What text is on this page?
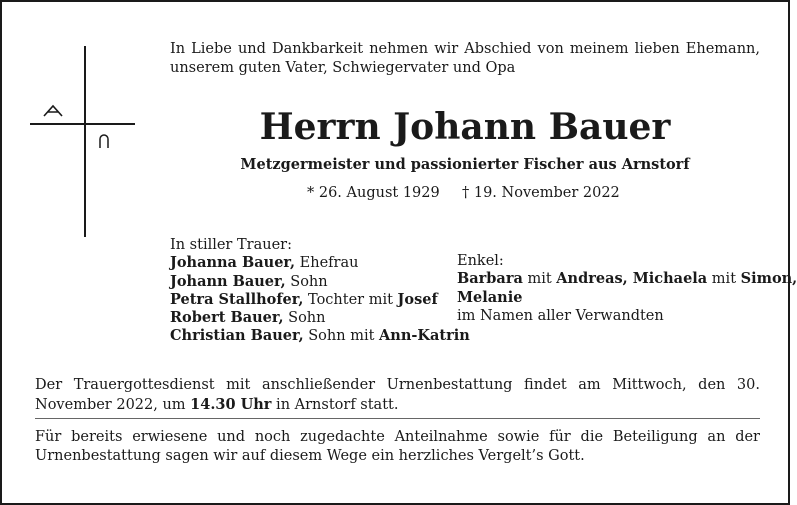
In Liebe und Dankbarkeit nehmen wir Abschied von meinem lieben Ehemann, unserem guten Vater, Schwiegervater und Opa
Herrn Johann Bauer
Metzgermeister und passionierter Fischer aus Arnstorf
* 26. August 1929 † 19. November 2022
In stiller Trauer:
Johanna Bauer, Ehefrau
Johann Bauer, Sohn
Petra Stallhofer, Tochter mit Josef
Robert Bauer, Sohn
Christian Bauer, Sohn mit Ann-Katrin
Enkel:
Barbara mit Andreas, Michaela mit Simon,
Melanie
im Namen aller Verwandten
Der Trauergottesdienst mit anschließender Urnenbestattung findet am Mittwoch, den 30. November 2022, um 14.30 Uhr in Arnstorf statt.
Für bereits erwiesene und noch zugedachte Anteilnahme sowie für die Beteiligung an der Urnenbestattung sagen wir auf diesem Wege ein herzliches Vergelt’s Gott.
